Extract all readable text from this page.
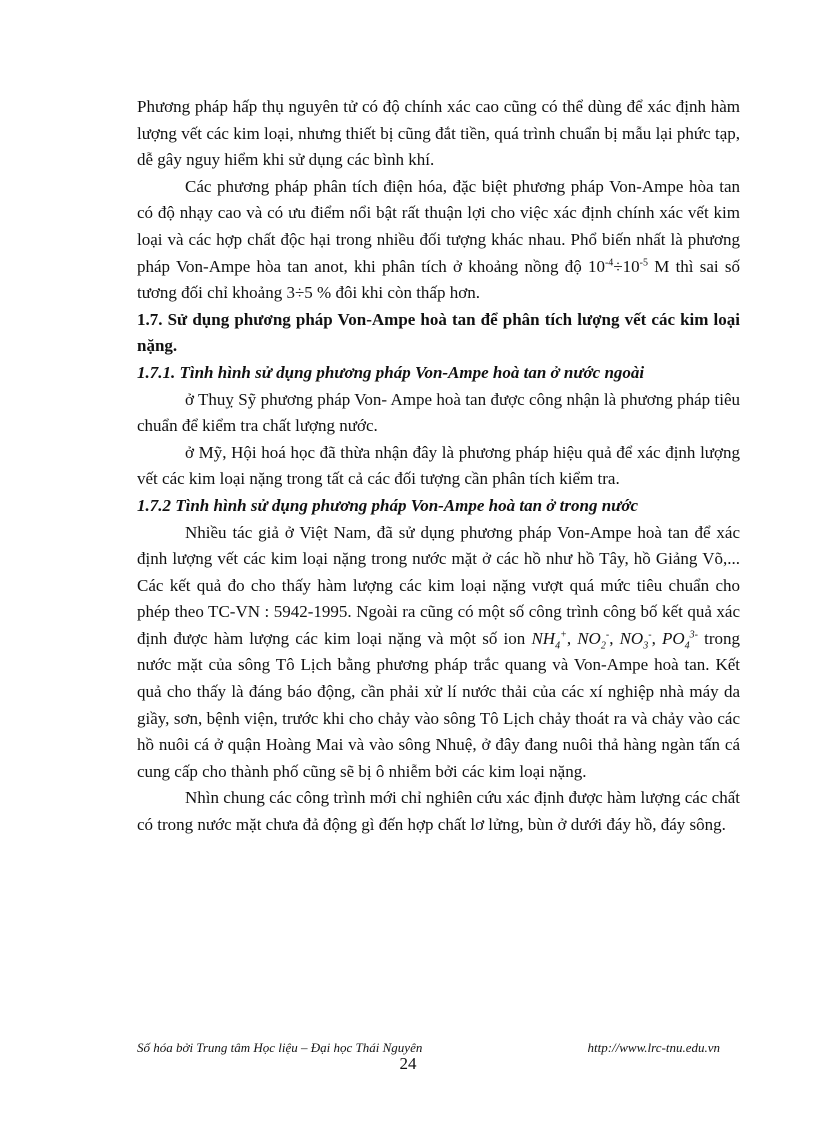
Phương pháp hấp thụ nguyên tử có độ chính xác cao cũng có thể dùng để xác định hàm lượng vết các kim loại, nhưng thiết bị cũng đắt tiền, quá trình chuẩn bị mẫu lại phức tạp, dễ gây nguy hiểm khi sử dụng các bình khí.

Các phương pháp phân tích điện hóa, đặc biệt phương pháp Von-Ampe hòa tan có độ nhạy cao và có ưu điểm nổi bật rất thuận lợi cho việc xác định chính xác vết kim loại và các hợp chất độc hại trong nhiều đối tượng khác nhau. Phổ biến nhất là phương pháp Von-Ampe hòa tan anot, khi phân tích ở khoảng nồng độ $10^{-4}\div 10^{-5}$ M thì sai số tương đối chỉ khoảng 3÷5 % đôi khi còn thấp hơn.

1.7. Sử dụng phương pháp Von-Ampe hoà tan để phân tích lượng vết các kim loại nặng.
1.7.1. Tình hình sử dụng phương pháp Von-Ampe hoà tan ở nước ngoài

ở Thuỵ Sỹ phương pháp Von- Ampe hoà tan được công nhận là phương pháp tiêu chuẩn để kiểm tra chất lượng nước.

ở Mỹ, Hội hoá học đã thừa nhận đây là phương pháp hiệu quả để xác định lượng vết các kim loại nặng trong tất cả các đối tượng cần phân tích kiểm tra.

1.7.2 Tình hình sử dụng phương pháp Von-Ampe hoà tan ở trong nước

Nhiều tác giả ở Việt Nam, đã sử dụng phương pháp Von-Ampe hoà tan để xác định lượng vết các kim loại nặng trong nước mặt ở các hồ như hồ Tây, hồ Giảng Võ,... Các kết quả đo cho thấy hàm lượng các kim loại nặng vượt quá mức tiêu chuẩn cho phép theo TC-VN : 5942-1995. Ngoài ra cũng có một số công trình công bố kết quả xác định được hàm lượng các kim loại nặng và một số ion $NH_4^+$, $NO_2^-$, $NO_3^-$, $PO_4^{3-}$ trong nước mặt của sông Tô Lịch bằng phương pháp trắc quang và Von-Ampe hoà tan. Kết quả cho thấy là đáng báo động, cần phải xử lí nước thải của các xí nghiệp nhà máy da giầy, sơn, bệnh viện, trước khi cho chảy vào sông Tô Lịch chảy thoát ra và chảy vào các hồ nuôi cá ở quận Hoàng Mai và vào sông Nhuệ, ở đây đang nuôi thả hàng ngàn tấn cá cung cấp cho thành phố cũng sẽ bị ô nhiễm bởi các kim loại nặng.

Nhìn chung các công trình mới chỉ nghiên cứu xác định được hàm lượng các chất có trong nước mặt chưa đả động gì đến hợp chất lơ lửng, bùn ở dưới đáy hồ, đáy sông.

Số hóa bởi Trung tâm Học liệu – Đại học Thái Nguyên	http://www.lrc-tnu.edu.vn
24
